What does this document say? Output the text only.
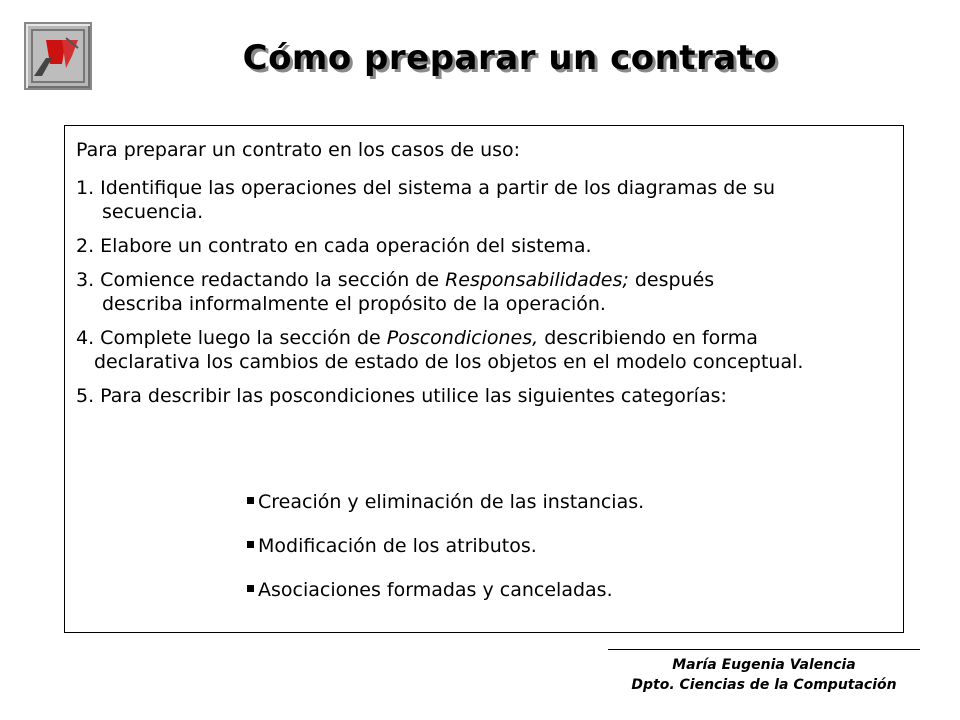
Cómo preparar un contrato

Para preparar un contrato en los casos de uso:

1. Identifique las operaciones del sistema a partir de los diagramas de su
secuencia.
2. Elabore un contrato en cada operación del sistema.
3. Comience redactando la sección de Responsabilidades; después
describa informalmente el propósito de la operación.
4. Complete luego la sección de Poscondiciones, describiendo en forma
declarativa los cambios de estado de los objetos en el modelo conceptual.
5. Para describir las poscondiciones utilice las siguientes categorías:
Creación y eliminación de las instancias.
Modificación de los atributos.
Asociaciones formadas y canceladas.
María Eugenia Valencia
Dpto. Ciencias de la Computación
